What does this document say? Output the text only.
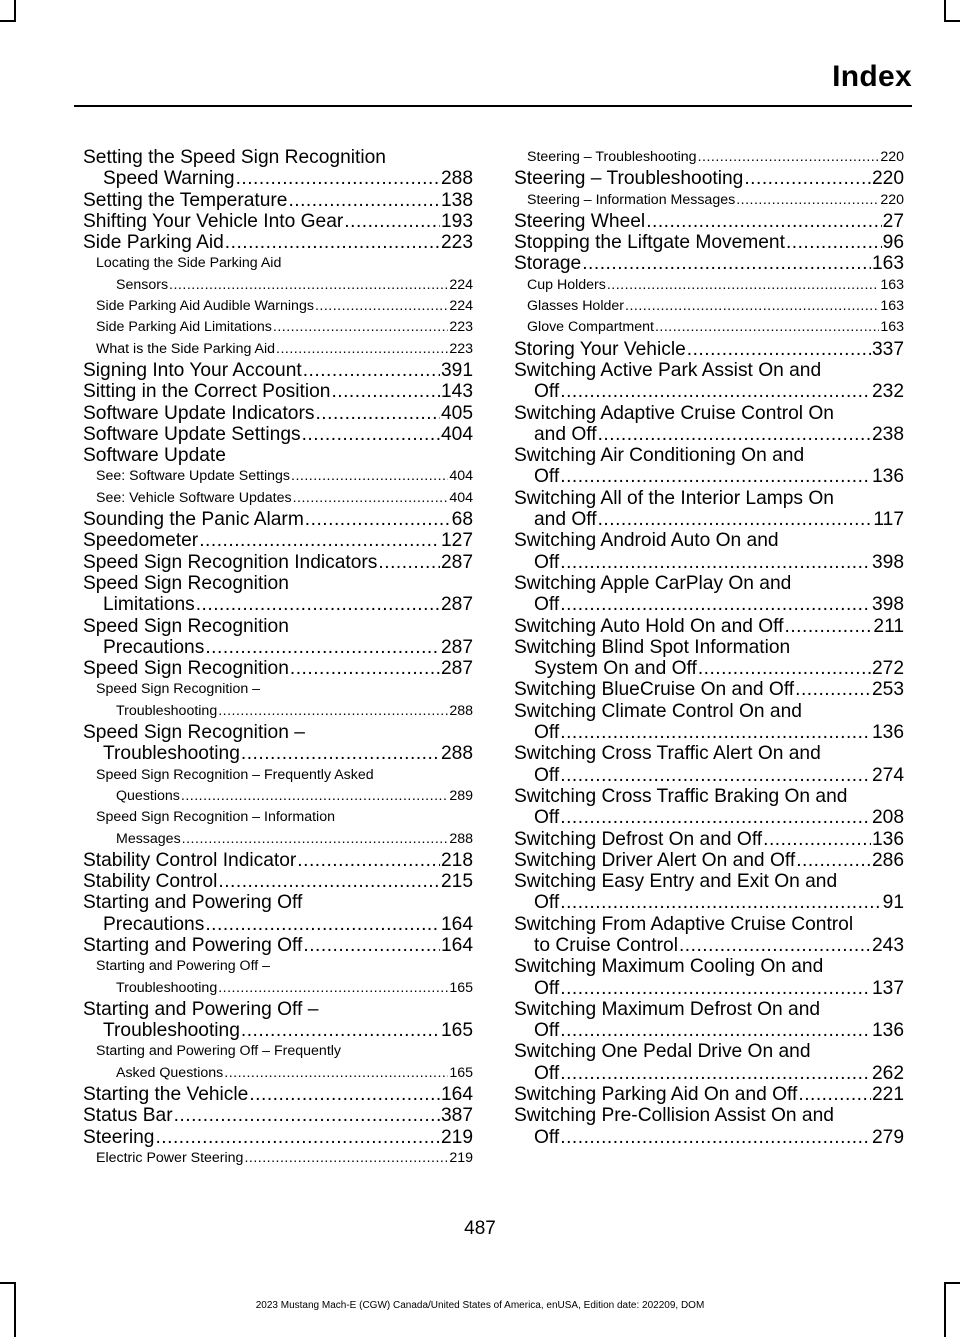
Index
Setting the Speed Sign Recognition
Speed Warning .....	288
Setting the Temperature .....	138
Shifting Your Vehicle Into Gear .....	193
Side Parking Aid .....	223
Locating the Side Parking Aid
Sensors .....	224
Side Parking Aid Audible Warnings .....	224
Side Parking Aid Limitations .....	223
What is the Side Parking Aid .....	223
Signing Into Your Account .....	391
Sitting in the Correct Position .....	143
Software Update Indicators .....	405
Software Update Settings .....	404
Software Update
See: Software Update Settings .....	404
See: Vehicle Software Updates .....	404
Sounding the Panic Alarm .....	68
Speedometer .....	127
Speed Sign Recognition Indicators .....	287
Speed Sign Recognition
Limitations .....	287
Speed Sign Recognition
Precautions .....	287
Speed Sign Recognition .....	287
Speed Sign Recognition –
Troubleshooting .....	288
Speed Sign Recognition –
Troubleshooting .....	288
Speed Sign Recognition – Frequently Asked
Questions .....	289
Speed Sign Recognition – Information
Messages .....	288
Stability Control Indicator .....	218
Stability Control .....	215
Starting and Powering Off
Precautions .....	164
Starting and Powering Off .....	164
Starting and Powering Off –
Troubleshooting .....	165
Starting and Powering Off –
Troubleshooting .....	165
Starting and Powering Off – Frequently
Asked Questions .....	165
Starting the Vehicle .....	164
Status Bar .....	387
Steering .....	219
Electric Power Steering .....	219
Steering – Troubleshooting .....	220
Steering – Troubleshooting .....	220
Steering – Information Messages .....	220
Steering Wheel .....	27
Stopping the Liftgate Movement .....	96
Storage .....	163
Cup Holders .....	163
Glasses Holder .....	163
Glove Compartment .....	163
Storing Your Vehicle .....	337
Switching Active Park Assist On and
Off .....	232
Switching Adaptive Cruise Control On
and Off .....	238
Switching Air Conditioning On and
Off .....	136
Switching All of the Interior Lamps On
and Off .....	117
Switching Android Auto On and
Off .....	398
Switching Apple CarPlay On and
Off .....	398
Switching Auto Hold On and Off .....	211
Switching Blind Spot Information
System On and Off .....	272
Switching BlueCruise On and Off .....	253
Switching Climate Control On and
Off .....	136
Switching Cross Traffic Alert On and
Off .....	274
Switching Cross Traffic Braking On and
Off .....	208
Switching Defrost On and Off .....	136
Switching Driver Alert On and Off .....	286
Switching Easy Entry and Exit On and
Off .....	91
Switching From Adaptive Cruise Control
to Cruise Control .....	243
Switching Maximum Cooling On and
Off .....	137
Switching Maximum Defrost On and
Off .....	136
Switching One Pedal Drive On and
Off .....	262
Switching Parking Aid On and Off .....	221
Switching Pre-Collision Assist On and
Off .....	279
487
2023 Mustang Mach-E (CGW) Canada/United States of America, enUSA, Edition date: 202209, DOM
